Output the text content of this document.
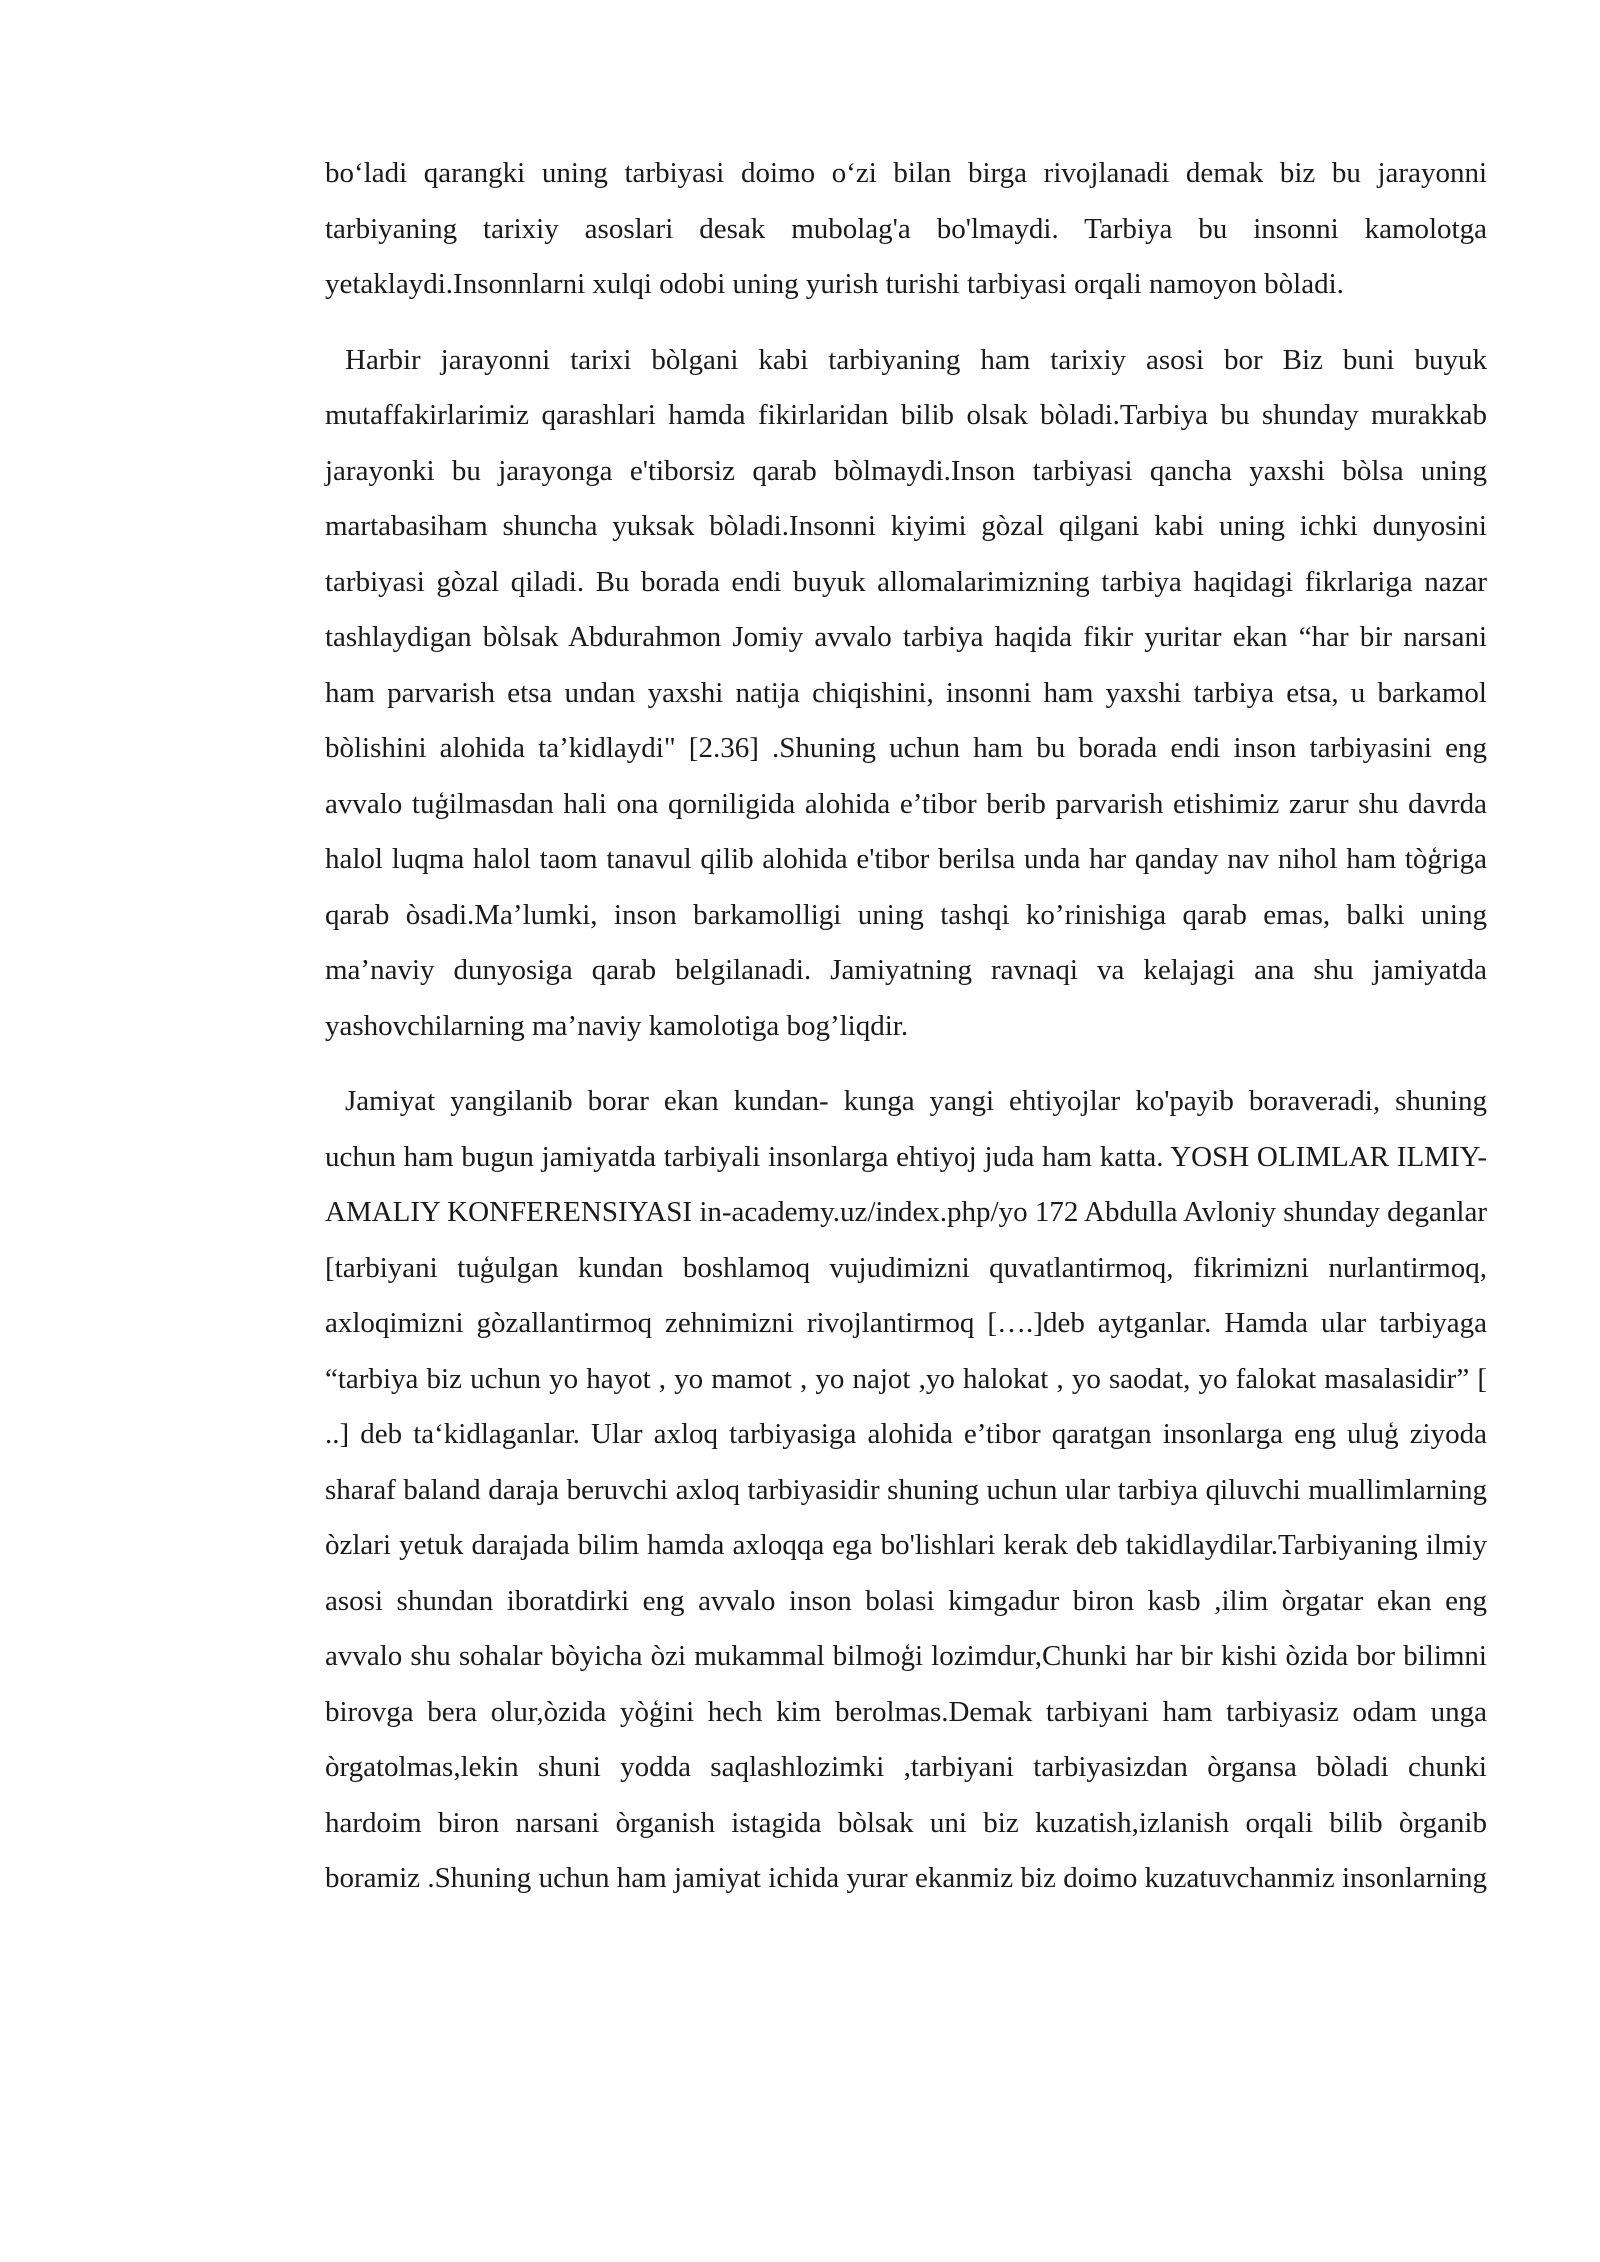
bo‘ladi qarangki uning tarbiyasi doimo o‘zi bilan birga rivojlanadi demak biz bu jarayonni tarbiyaning tarixiy asoslari desak mubolag'a bo'lmaydi. Tarbiya bu insonni kamolotga yetaklaydi.Insonnlarni xulqi odobi uning yurish turishi tarbiyasi orqali namoyon bòladi.

Harbir jarayonni tarixi bòlgani kabi tarbiyaning ham tarixiy asosi bor Biz buni buyuk mutaffakirlarimiz qarashlari hamda fikirlaridan bilib olsak bòladi.Tarbiya bu shunday murakkab jarayonki bu jarayonga e'tiborsiz qarab bòlmaydi.Inson tarbiyasi qancha yaxshi bòlsa uning martabasiham shuncha yuksak bòladi.Insonni kiyimi gòzal qilgani kabi uning ichki dunyosini tarbiyasi gòzal qiladi. Bu borada endi buyuk allomalarimizning tarbiya haqidagi fikrlariga nazar tashlaydigan bòlsak Abdurahmon Jomiy avvalo tarbiya haqida fikir yuritar ekan “har bir narsani ham parvarish etsa undan yaxshi natija chiqishini, insonni ham yaxshi tarbiya etsa, u barkamol bòlishini alohida ta’kidlaydi" [2.36] .Shuning uchun ham bu borada endi inson tarbiyasini eng avvalo tuģilmasdan hali ona qorniligida alohida e’tibor berib parvarish etishimiz zarur shu davrda halol luqma halol taom tanavul qilib alohida e'tibor berilsa unda har qanday nav nihol ham tòģriga qarab òsadi.Ma’lumki, inson barkamolligi uning tashqi ko’rinishiga qarab emas, balki uning ma’naviy dunyosiga qarab belgilanadi. Jamiyatning ravnaqi va kelajagi ana shu jamiyatda yashovchilarning ma’naviy kamolotiga bog’liqdir.

Jamiyat yangilanib borar ekan kundan- kunga yangi ehtiyojlar ko'payib boraveradi, shuning uchun ham bugun jamiyatda tarbiyali insonlarga ehtiyoj juda ham katta. YOSH OLIMLAR ILMIY-AMALIY KONFERENSIYASI in-academy.uz/index.php/yo 172 Abdulla Avloniy shunday deganlar [tarbiyani tuģulgan kundan boshlamoq vujudimizni quvatlantirmoq, fikrimizni nurlantirmoq, axloqimizni gòzallantirmoq zehnimizni rivojlantirmoq [….]deb aytganlar. Hamda ular tarbiyaga “tarbiya biz uchun yo hayot , yo mamot , yo najot ,yo halokat , yo saodat, yo falokat masalasidir” [ ..] deb ta‘kidlaganlar. Ular axloq tarbiyasiga alohida e’tibor qaratgan insonlarga eng uluģ ziyoda sharaf baland daraja beruvchi axloq tarbiyasidir shuning uchun ular tarbiya qiluvchi muallimlarning òzlari yetuk darajada bilim hamda axloqqa ega bo'lishlari kerak deb takidlaydilar.Tarbiyaning ilmiy asosi shundan iboratdirki eng avvalo inson bolasi kimgadur biron kasb ,ilim òrgatar ekan eng avvalo shu sohalar bòyicha òzi mukammal bilmoģi lozimdur,Chunki har bir kishi òzida bor bilimni birovga bera olur,òzida yòģini hech kim berolmas.Demak tarbiyani ham tarbiyasiz odam unga òrgatolmas,lekin shuni yodda saqlashlozimki ,tarbiyani tarbiyasizdan òrgansa bòladi chunki hardoim biron narsani òrganish istagida bòlsak uni biz kuzatish,izlanish orqali bilib òrganib boramiz .Shuning uchun ham jamiyat ichida yurar ekanmiz biz doimo kuzatuvchanmiz insonlarning
